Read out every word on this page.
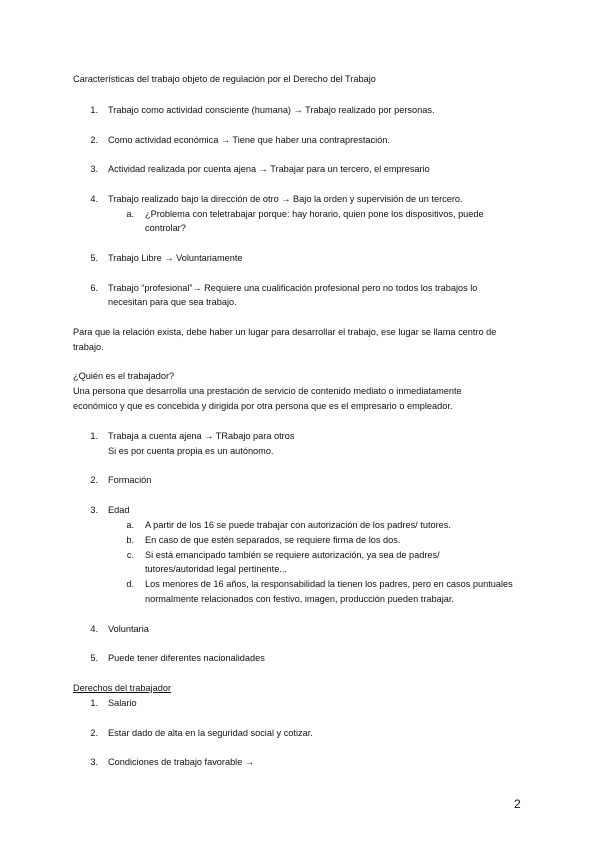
Características del trabajo objeto de regulación por el Derecho del Trabajo
1. Trabajo como actividad consciente (humana) → Trabajo realizado por personas.
2. Como actividad económica → Tiene que haber una contraprestación.
3. Actividad realizada por cuenta ajena → Trabajar para un tercero, el empresario
4. Trabajo realizado bajo la dirección de otro → Bajo la orden y supervisión de un tercero.
a. ¿Problema con teletrabajar porque: hay horario, quien pone los dispositivos, puede
controlar?
5. Trabajo Libre → Voluntariamente
6. Trabajo “profesional”→ Requiere una cualificación profesional pero no todos los trabajos lo
necesitan para que sea trabajo.
Para que la relación exista, debe haber un lugar para desarrollar el trabajo, ese lugar se llama centro de
trabajo.
¿Quién es el trabajador?
Una persona que desarrolla una prestación de servicio de contenido mediato o inmediatamente
económico y que es concebida y dirigida por otra persona que es el empresario o empleador.
1. Trabaja a cuenta ajena → TRabajo para otros
Si es por cuenta propia es un autónomo.
2. Formación
3. Edad
a. A partir de los 16 se puede trabajar con autorización de los padres/ tutores.
b. En caso de que estén separados, se requiere firma de los dos.
c. Si está emancipado también se requiere autorización, ya sea de padres/
tutores/autoridad legal pertinente...
d. Los menores de 16 años, la responsabilidad la tienen los padres, pero en casos puntuales
normalmente relacionados con festivo, imagen, producción pueden trabajar.
4. Voluntaria
5. Puede tener diferentes nacionalidades
Derechos del trabajador
1. Salario
2. Estar dado de alta en la seguridad social y cotizar.
3. Condiciones de trabajo favorable →
2
